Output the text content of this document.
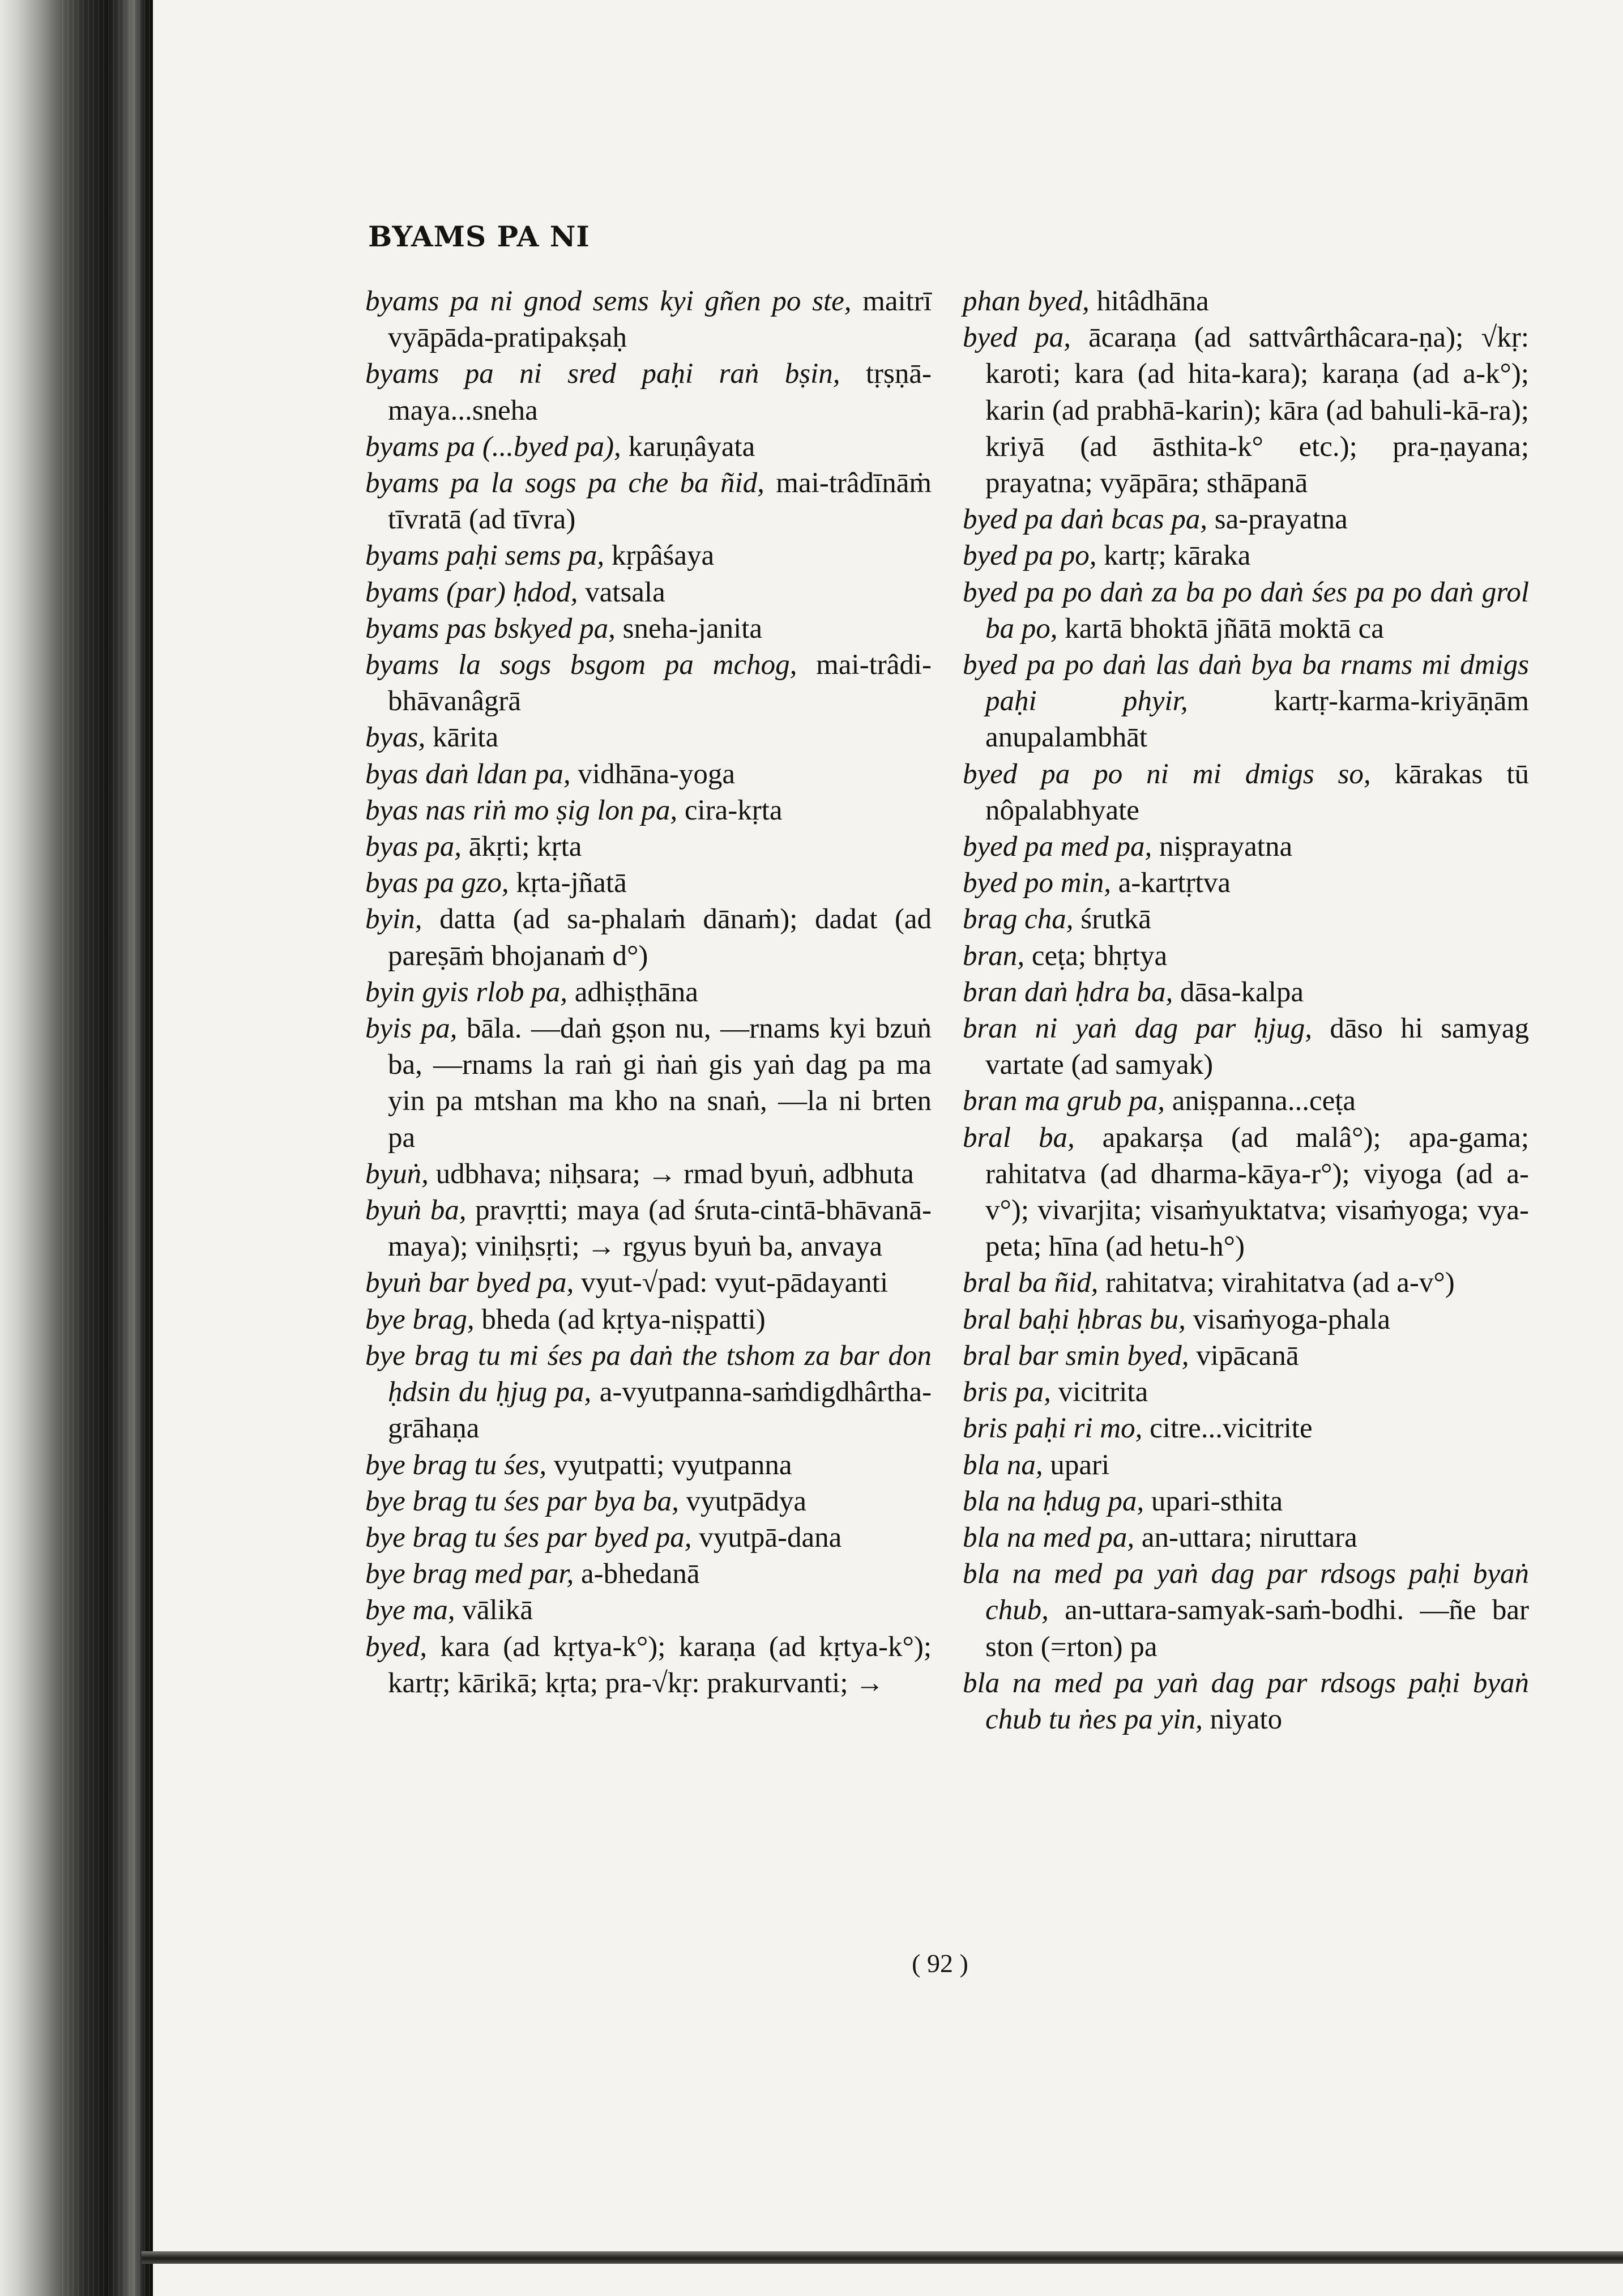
BYAMS PA NI

byams pa ni gnod sems kyi gñen po ste, maitrī vyāpāda-pratipakṣaḥ

byams pa ni sred paḥi raṅ bṣin, tṛṣṇā-maya...sneha

byams pa (...byed pa), karuṇâyata

byams pa la sogs pa che ba ñid, mai-trâdīnāṁ tīvratā (ad tīvra)

byams paḥi sems pa, kṛpâśaya

byams (par) ḥdod, vatsala

byams pas bskyed pa, sneha-janita

byams la sogs bsgom pa mchog, mai-trâdi-bhāvanâgrā

byas, kārita

byas daṅ ldan pa, vidhāna-yoga

byas nas riṅ mo ṣig lon pa, cira-kṛta

byas pa, ākṛti; kṛta

byas pa gzo, kṛta-jñatā

byin, datta (ad sa-phalaṁ dānaṁ); dadat (ad pareṣāṁ bhojanaṁ d°)

byin gyis rlob pa, adhiṣṭhāna

byis pa, bāla. —daṅ gṣon nu, —rnams kyi bzuṅ ba, —rnams la raṅ gi ṅaṅ gis yaṅ dag pa ma yin pa mtshan ma kho na snaṅ, —la ni brten pa

byuṅ, udbhava; niḥsara; → rmad byuṅ, adbhuta

byuṅ ba, pravṛtti; maya (ad śruta-cintā-bhāvanā-maya); viniḥsṛti; → rgyus byuṅ ba, anvaya

byuṅ bar byed pa, vyut-√pad: vyut-pādayanti

bye brag, bheda (ad kṛtya-niṣpatti)

bye brag tu mi śes pa daṅ the tshom za bar don ḥdsin du ḥjug pa, a-vyutpanna-saṁdigdhârtha-grāhaṇa

bye brag tu śes, vyutpatti; vyutpanna

bye brag tu śes par bya ba, vyutpādya

bye brag tu śes par byed pa, vyutpā-dana

bye brag med par, a-bhedanā

bye ma, vālikā

byed, kara (ad kṛtya-k°); karaṇa (ad kṛtya-k°); kartṛ; kārikā; kṛta; pra-√kṛ: prakurvanti; →

phan byed, hitâdhāna

byed pa, ācaraṇa (ad sattvârthâcara-ṇa); √kṛ: karoti; kara (ad hita-kara); karaṇa (ad a-k°); karin (ad prabhā-karin); kāra (ad bahuli-kā-ra); kriyā (ad āsthita-k° etc.); pra-ṇayana; prayatna; vyāpāra; sthāpanā

byed pa daṅ bcas pa, sa-prayatna

byed pa po, kartṛ; kāraka

byed pa po daṅ za ba po daṅ śes pa po daṅ grol ba po, kartā bhoktā jñātā moktā ca

byed pa po daṅ las daṅ bya ba rnams mi dmigs paḥi phyir,	kartṛ-karma-kriyāṇām anupalambhāt

byed pa po ni mi dmigs so, kārakas tū nôpalabhyate

byed pa med pa, niṣprayatna

byed po min, a-kartṛtva

brag cha, śrutkā

bran, ceṭa; bhṛtya

bran daṅ ḥdra ba, dāsa-kalpa

bran ni yaṅ dag par ḥjug, dāso hi samyag vartate (ad samyak)

bran ma grub pa, aniṣpanna...ceṭa

bral ba, apakarṣa (ad malâ°); apa-gama; rahitatva (ad dharma-kāya-r°); viyoga (ad a-v°); vivarjita; visaṁyuktatva; visaṁyoga; vya-peta; hīna (ad hetu-h°)

bral ba ñid, rahitatva; virahitatva (ad a-v°)

bral baḥi ḥbras bu, visaṁyoga-phala

bral bar smin byed, vipācanā

bris pa, vicitrita

bris paḥi ri mo, citre...vicitrite

bla na, upari

bla na ḥdug pa, upari-sthita

bla na med pa, an-uttara; niruttara

bla na med pa yaṅ dag par rdsogs paḥi byaṅ chub, an-uttara-samyak-saṁ-bodhi. —ñe bar ston (=rton) pa

bla na med pa yaṅ dag par rdsogs paḥi byaṅ chub tu ṅes pa yin, niyato

( 92 )
